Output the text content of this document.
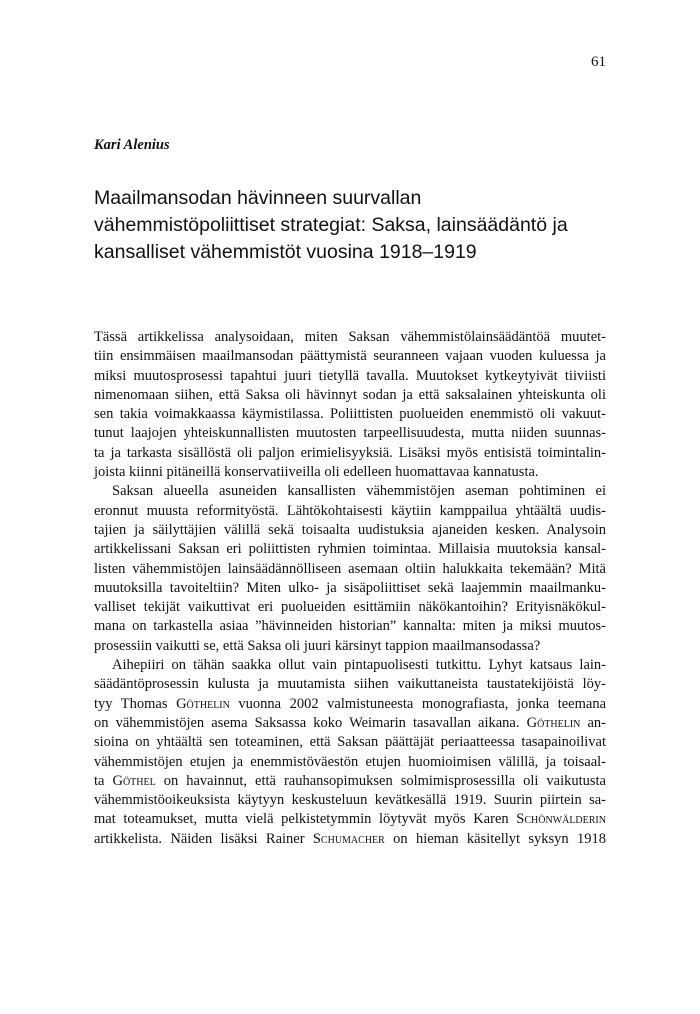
61
Kari Alenius
Maailmansodan hävinneen suurvallan
vähemmistöpoliittiset strategiat: Saksa, lainsäädäntö ja
kansalliset vähemmistöt vuosina 1918–1919
Tässä artikkelissa analysoidaan, miten Saksan vähemmistölainsäädäntöä muutet-
tiin ensimmäisen maailmansodan päättymistä seuranneen vajaan vuoden kuluessa ja
miksi muutosprosessi tapahtui juuri tietyllä tavalla. Muutokset kytkeytyivät tiiviisti
nimenomaan siihen, että Saksa oli hävinnyt sodan ja että saksalainen yhteiskunta oli
sen takia voimakkaassa käymistilassa. Poliittisten puolueiden enemmistö oli vakuut-
tunut laajojen yhteiskunnallisten muutosten tarpeellisuudesta, mutta niiden suunnas-
ta ja tarkasta sisällöstä oli paljon erimielisyyksiä. Lisäksi myös entisistä toimintalin-
joista kiinni pitäneillä konservatiiveilla oli edelleen huomattavaa kannatusta.
Saksan alueella asuneiden kansallisten vähemmistöjen aseman pohtiminen ei
eronnut muusta reformityöstä. Lähtökohtaisesti käytiin kamppailua yhtäältä uudis-
tajien ja säilyttäjien välillä sekä toisaalta uudistuksia ajaneiden kesken. Analysoin
artikkelissani Saksan eri poliittisten ryhmien toimintaa. Millaisia muutoksia kansal-
listen vähemmistöjen lainsäädännölliseen asemaan oltiin halukkaita tekemään? Mitä
muutoksilla tavoiteltiin? Miten ulko- ja sisäpoliittiset sekä laajemmin maailmanku-
valliset tekijät vaikuttivat eri puolueiden esittämiin näkökantoihin? Erityisnäkökul-
mana on tarkastella asiaa ”hävinneiden historian” kannalta: miten ja miksi muutos-
prosessiin vaikutti se, että Saksa oli juuri kärsinyt tappion maailmansodassa?
Aihepiiri on tähän saakka ollut vain pintapuolisesti tutkittu. Lyhyt katsaus lain-
säädäntöprosessin kulusta ja muutamista siihen vaikuttaneista taustatekijöistä löy-
tyy Thomas Göthelin vuonna 2002 valmistuneesta monografiasta, jonka teemana
on vähemmistöjen asema Saksassa koko Weimarin tasavallan aikana. Göthelin an-
sioina on yhtäältä sen toteaminen, että Saksan päättäjät periaatteessa tasapainoilivat
vähemmistöjen etujen ja enemmistöväestön etujen huomioimisen välillä, ja toisaal-
ta Göthel on havainnut, että rauhansopimuksen solmimisprosessilla oli vaikutusta
vähemmistöoikeuksista käytyyn keskusteluun kevätkesällä 1919. Suurin piirtein sa-
mat toteamukset, mutta vielä pelkistetymmin löytyvät myös Karen Schönwälderin
artikkelista. Näiden lisäksi Rainer Schumacher on hieman käsitellyt syksyn 1918
